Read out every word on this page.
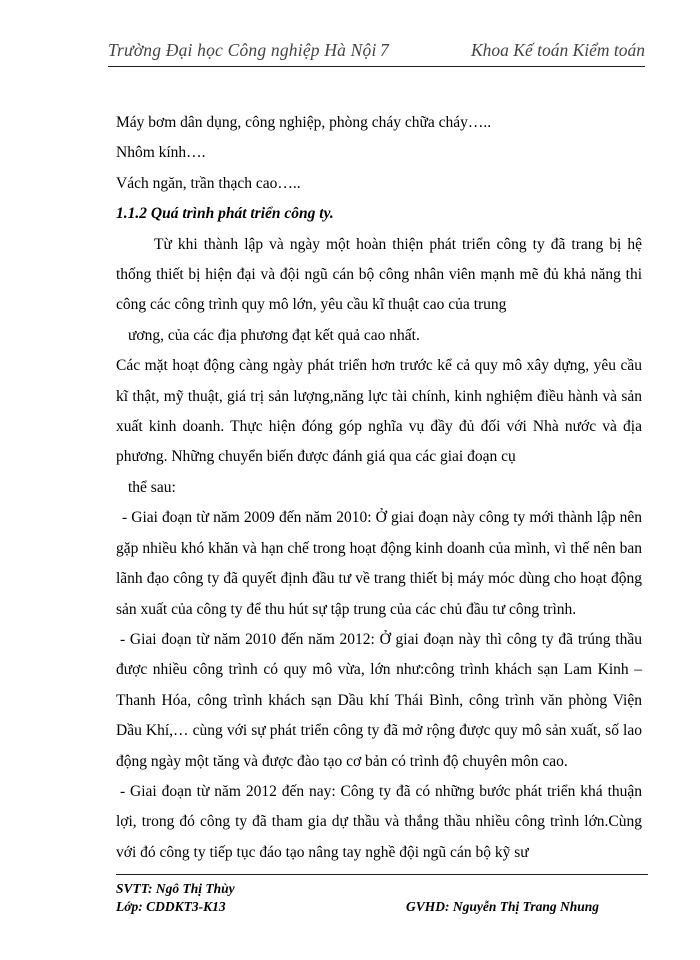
Trường Đại học Công nghiệp Hà Nội 7	Khoa Kế toán Kiểm toán

Máy bơm dân dụng, công nghiệp, phòng cháy chữa cháy…..

Nhôm kính….

Vách ngăn, trần thạch cao…..

1.1.2 Quá trình phát triển công ty.

Từ khi thành lập và ngày một hoàn thiện phát triển công ty đã trang bị hệ thống thiết bị hiện đại và đội ngũ cán bộ công nhân viên mạnh mẽ đủ khả năng thi công các công trình quy mô lớn, yêu cầu kĩ thuật cao của trung

ương, của các địa phương đạt kết quả cao nhất.

Các mặt hoạt động càng ngày phát triển hơn trước kể cả quy mô xây dựng, yêu cầu kĩ thật, mỹ thuật, giá trị sản lượng,năng lực tài chính, kinh nghiệm điều hành và sản xuất kinh doanh. Thực hiện đóng góp nghĩa vụ đầy đủ đối với Nhà nước và địa phương. Những chuyển biến được đánh giá qua các giai đoạn cụ

thể sau:

- Giai đoạn từ năm 2009 đến năm 2010: Ở giai đoạn này công ty mới thành lập nên gặp nhiều khó khăn và hạn chế trong hoạt động kinh doanh của mình, vì thế nên ban lãnh đạo công ty đã quyết định đầu tư về trang thiết bị máy móc dùng cho hoạt động sản xuất của công ty để thu hút sự tập trung của các chủ đầu tư công trình.

- Giai đoạn từ năm 2010 đến năm 2012: Ở giai đoạn này thì công ty đã trúng thầu được nhiều công trình có quy mô vừa, lớn như:công trình khách sạn Lam Kinh – Thanh Hóa, công trình khách sạn Dầu khí Thái Bình, công trình văn phòng Viện Dầu Khí,… cùng với sự phát triển công ty đã mở rộng được quy mô sản xuất, số lao động ngày một tăng và được đào tạo cơ bản có trình độ chuyên môn cao.

- Giai đoạn từ năm 2012 đến nay: Công ty đã có những bước phát triển khá thuận lợi, trong đó công ty đã tham gia dự thầu và thắng thầu nhiều công trình lớn.Cùng với đó công ty tiếp tục đáo tạo nâng tay nghề đội ngũ cán bộ kỹ sư

SVTT: Ngô Thị Thùy
Lớp: CDDKT3-K13	GVHD: Nguyễn Thị Trang Nhung
